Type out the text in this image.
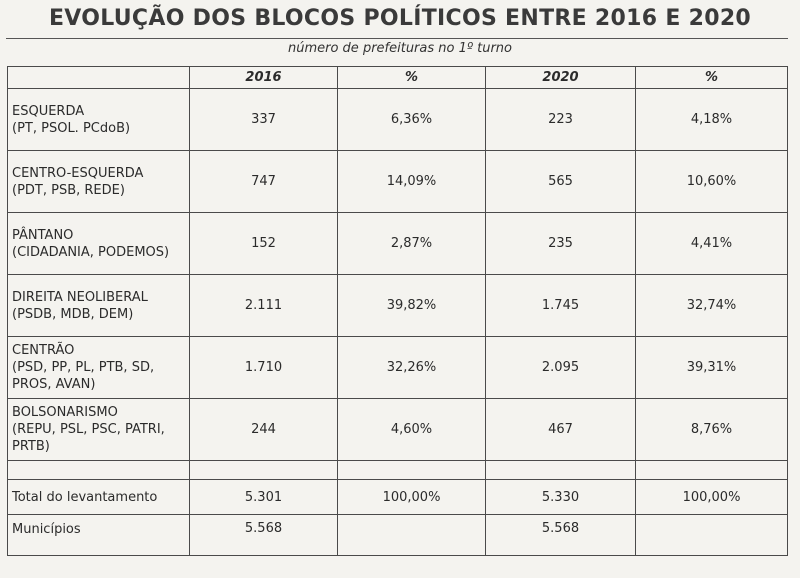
EVOLUÇÃO DOS BLOCOS POLÍTICOS ENTRE 2016 E 2020
número de prefeituras no 1º turno
	2016	%	2020	%

ESQUERDA
(PT, PSOL. PCdoB)	337	6,36%	223	4,18%

CENTRO-ESQUERDA
(PDT, PSB, REDE)	747	14,09%	565	10,60%

PÂNTANO
(CIDADANIA, PODEMOS)	152	2,87%	235	4,41%

DIREITA NEOLIBERAL
(PSDB, MDB, DEM)	2.111	39,82%	1.745	32,74%

CENTRÃO
(PSD, PP, PL, PTB, SD, PROS, AVAN)	1.710	32,26%	2.095	39,31%

BOLSONARISMO
(REPU, PSL, PSC, PATRI, PRTB)	244	4,60%	467	8,76%

Total do levantamento	5.301	100,00%	5.330	100,00%
Municípios	5.568		5.568	
